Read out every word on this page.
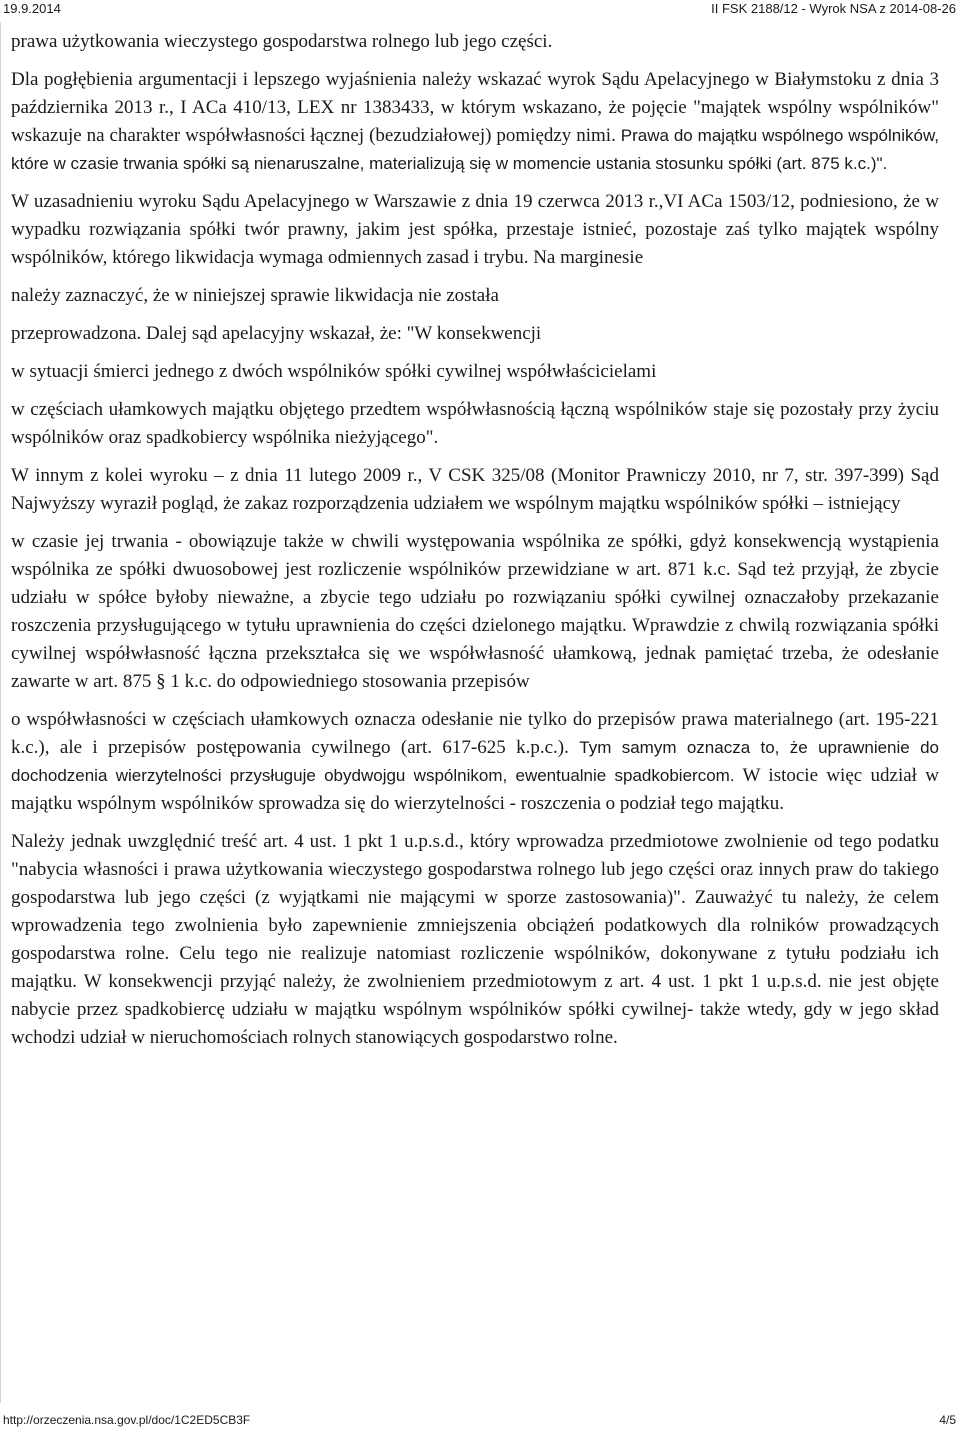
19.9.2014	II FSK 2188/12 - Wyrok NSA z 2014-08-26

prawa użytkowania wieczystego gospodarstwa rolnego lub jego części.

Dla pogłębienia argumentacji i lepszego wyjaśnienia należy wskazać wyrok Sądu Apelacyjnego w Białymstoku z dnia 3 października 2013 r., I ACa 410/13, LEX nr 1383433, w którym wskazano, że pojęcie "majątek wspólny wspólników" wskazuje na charakter współwłasności łącznej (bezudziałowej) pomiędzy nimi. Prawa do majątku wspólnego wspólników, które w czasie trwania spółki są nienaruszalne, materializują się w momencie ustania stosunku spółki (art. 875 k.c.)".

W uzasadnieniu wyroku Sądu Apelacyjnego w Warszawie z dnia 19 czerwca 2013 r.,VI ACa 1503/12, podniesiono, że w wypadku rozwiązania spółki twór prawny, jakim jest spółka, przestaje istnieć, pozostaje zaś tylko majątek wspólny wspólników, którego likwidacja wymaga odmiennych zasad i trybu. Na marginesie

należy zaznaczyć, że w niniejszej sprawie likwidacja nie została

przeprowadzona. Dalej sąd apelacyjny wskazał, że: "W konsekwencji

w sytuacji śmierci jednego z dwóch wspólników spółki cywilnej współwłaścicielami

w częściach ułamkowych majątku objętego przedtem współwłasnością łączną wspólników staje się pozostały przy życiu wspólników oraz spadkobiercy wspólnika nieżyjącego".

W innym z kolei wyroku – z dnia 11 lutego 2009 r., V CSK 325/08 (Monitor Prawniczy 2010, nr 7, str. 397-399) Sąd Najwyższy wyraził pogląd, że zakaz rozporządzenia udziałem we wspólnym majątku wspólników spółki – istniejący

w czasie jej trwania - obowiązuje także w chwili występowania wspólnika ze spółki, gdyż konsekwencją wystąpienia wspólnika ze spółki dwuosobowej jest rozliczenie wspólników przewidziane w art. 871 k.c. Sąd też przyjął, że zbycie udziału w spółce byłoby nieważne, a zbycie tego udziału po rozwiązaniu spółki cywilnej oznaczałoby przekazanie roszczenia przysługującego w tytułu uprawnienia do części dzielonego majątku. Wprawdzie z chwilą rozwiązania spółki cywilnej współwłasność łączna przekształca się we współwłasność ułamkową, jednak pamiętać trzeba, że odesłanie zawarte w art. 875 § 1 k.c. do odpowiedniego stosowania przepisów

o współwłasności w częściach ułamkowych oznacza odesłanie nie tylko do przepisów prawa materialnego (art. 195-221 k.c.), ale i przepisów postępowania cywilnego (art. 617-625 k.p.c.). Tym samym oznacza to, że uprawnienie do dochodzenia wierzytelności przysługuje obydwojgu wspólnikom, ewentualnie spadkobiercom. W istocie więc udział w majątku wspólnym wspólników sprowadza się do wierzytelności - roszczenia o podział tego majątku.

Należy jednak uwzględnić treść art. 4 ust. 1 pkt 1 u.p.s.d., który wprowadza przedmiotowe zwolnienie od tego podatku "nabycia własności i prawa użytkowania wieczystego gospodarstwa rolnego lub jego części oraz innych praw do takiego gospodarstwa lub jego części (z wyjątkami nie mającymi w sporze zastosowania)". Zauważyć tu należy, że celem wprowadzenia tego zwolnienia było zapewnienie zmniejszenia obciążeń podatkowych dla rolników prowadzących gospodarstwa rolne. Celu tego nie realizuje natomiast rozliczenie wspólników, dokonywane z tytułu podziału ich majątku. W konsekwencji przyjąć należy, że zwolnieniem przedmiotowym z art. 4 ust. 1 pkt 1 u.p.s.d. nie jest objęte nabycie przez spadkobiercę udziału w majątku wspólnym wspólników spółki cywilnej- także wtedy, gdy w jego skład wchodzi udział w nieruchomościach rolnych stanowiących gospodarstwo rolne.

http://orzeczenia.nsa.gov.pl/doc/1C2ED5CB3F	4/5
